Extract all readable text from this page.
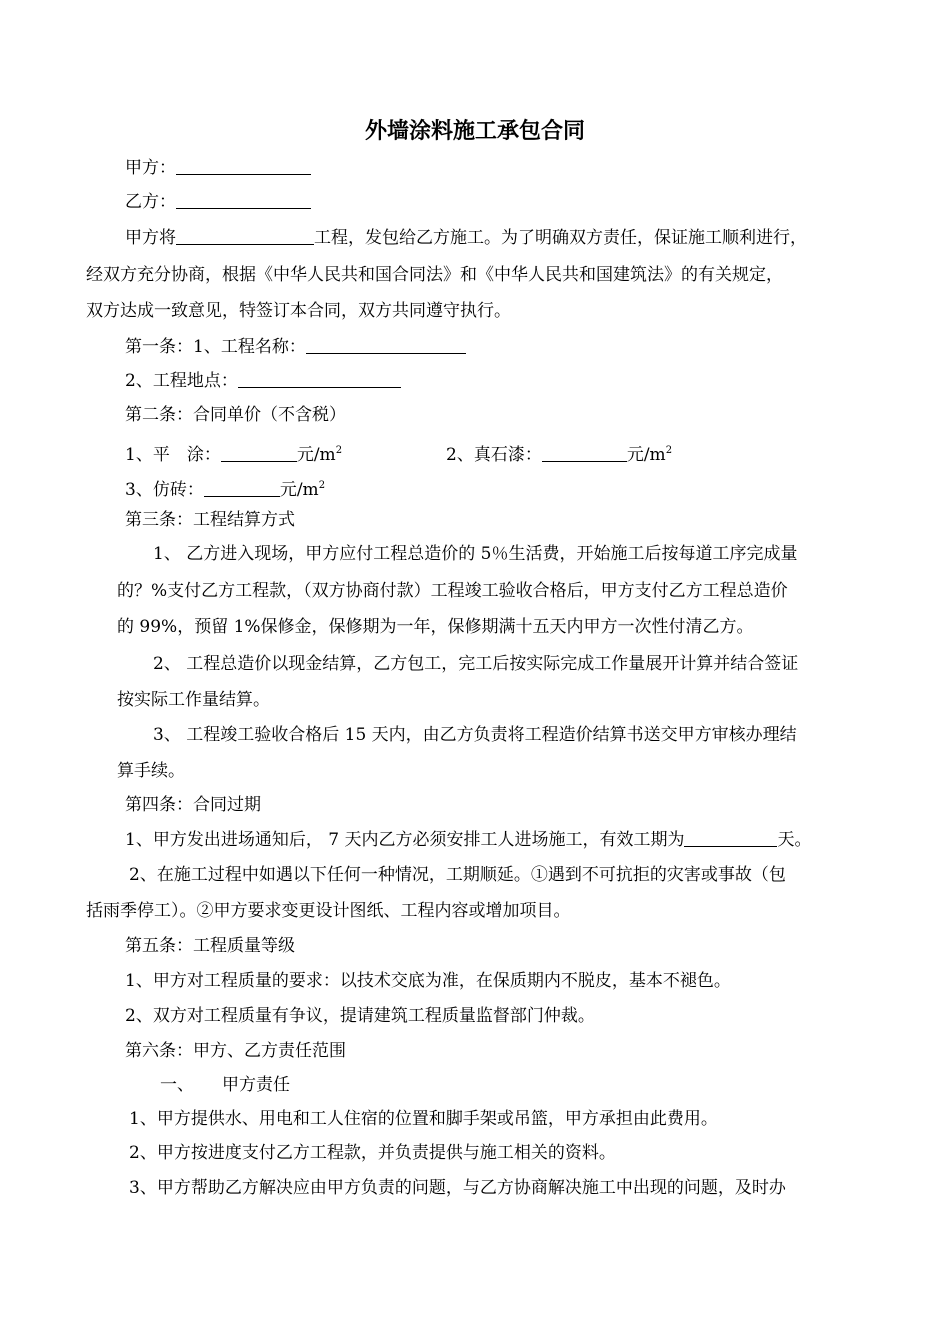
外墙涂料施工承包合同
甲方：
乙方：
甲方将	工程，发包给乙方施工。为了明确双方责任，保证施工顺利进行，
经双方充分协商，根据《中华人民共和国合同法》和《中华人民共和国建筑法》的有关规定，
双方达成一致意见，特签订本合同，双方共同遵守执行。
第一条：1、工程名称：
2、工程地点：
第二条：合同单价（不含税）
1、平　涂：	元$/m^2$	2、真石漆：	元$/m^2$
3、仿砖：	元$/m^2$
第三条：工程结算方式
1、 乙方进入现场，甲方应付工程总造价的 5％生活费，开始施工后按每道工序完成量
的？%支付乙方工程款，（双方协商付款）工程竣工验收合格后，甲方支付乙方工程总造价
的 99%，预留 1%保修金，保修期为一年，保修期满十五天内甲方一次性付清乙方。
2、 工程总造价以现金结算，乙方包工，完工后按实际完成工作量展开计算并结合签证
按实际工作量结算。
3、 工程竣工验收合格后 15 天内，由乙方负责将工程造价结算书送交甲方审核办理结
算手续。
第四条：合同过期
1、甲方发出进场通知后， 7 天内乙方必须安排工人进场施工，有效工期为	天。
2、在施工过程中如遇以下任何一种情况，工期顺延。①遇到不可抗拒的灾害或事故（包
括雨季停工）。②甲方要求变更设计图纸、工程内容或增加项目。
第五条：工程质量等级
1、甲方对工程质量的要求：以技术交底为准，在保质期内不脱皮，基本不褪色。
2、双方对工程质量有争议，提请建筑工程质量监督部门仲裁。
第六条：甲方、乙方责任范围
一、 甲方责任
1、甲方提供水、用电和工人住宿的位置和脚手架或吊篮，甲方承担由此费用。
2、甲方按进度支付乙方工程款，并负责提供与施工相关的资料。
3、甲方帮助乙方解决应由甲方负责的问题，与乙方协商解决施工中出现的问题，及时办
